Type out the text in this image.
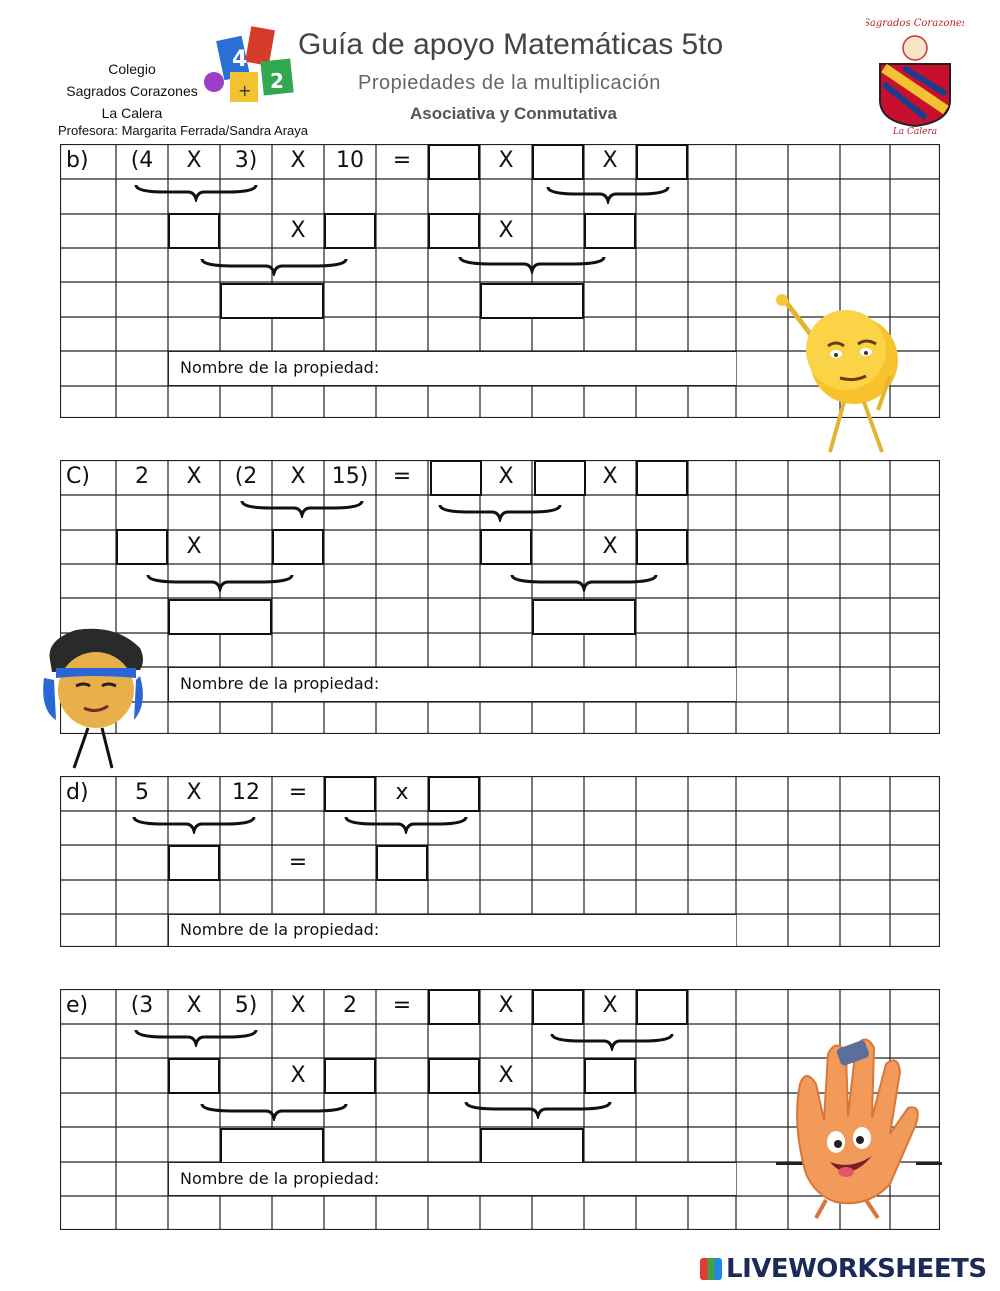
Colegio
Sagrados Corazones
La Calera
Profesora: Margarita Ferrada/Sandra Araya
4
2
+
Guía de apoyo Matemáticas 5to
Propiedades de la multiplicación
Asociativa y Conmutativa
Sagrados Corazones
La Calera
b)	(4	X	3)	X	10	=	X	X
X	X
Nombre de la propiedad:
C)	2	X	(2	X	15)	=	X	X
X	X
Nombre de la propiedad:
d)	5	X	12	=	x
=
Nombre de la propiedad:
e)	(3	X	5)	X	2	=	X	X
X	X
Nombre de la propiedad:
LIVEWORKSHEETS
